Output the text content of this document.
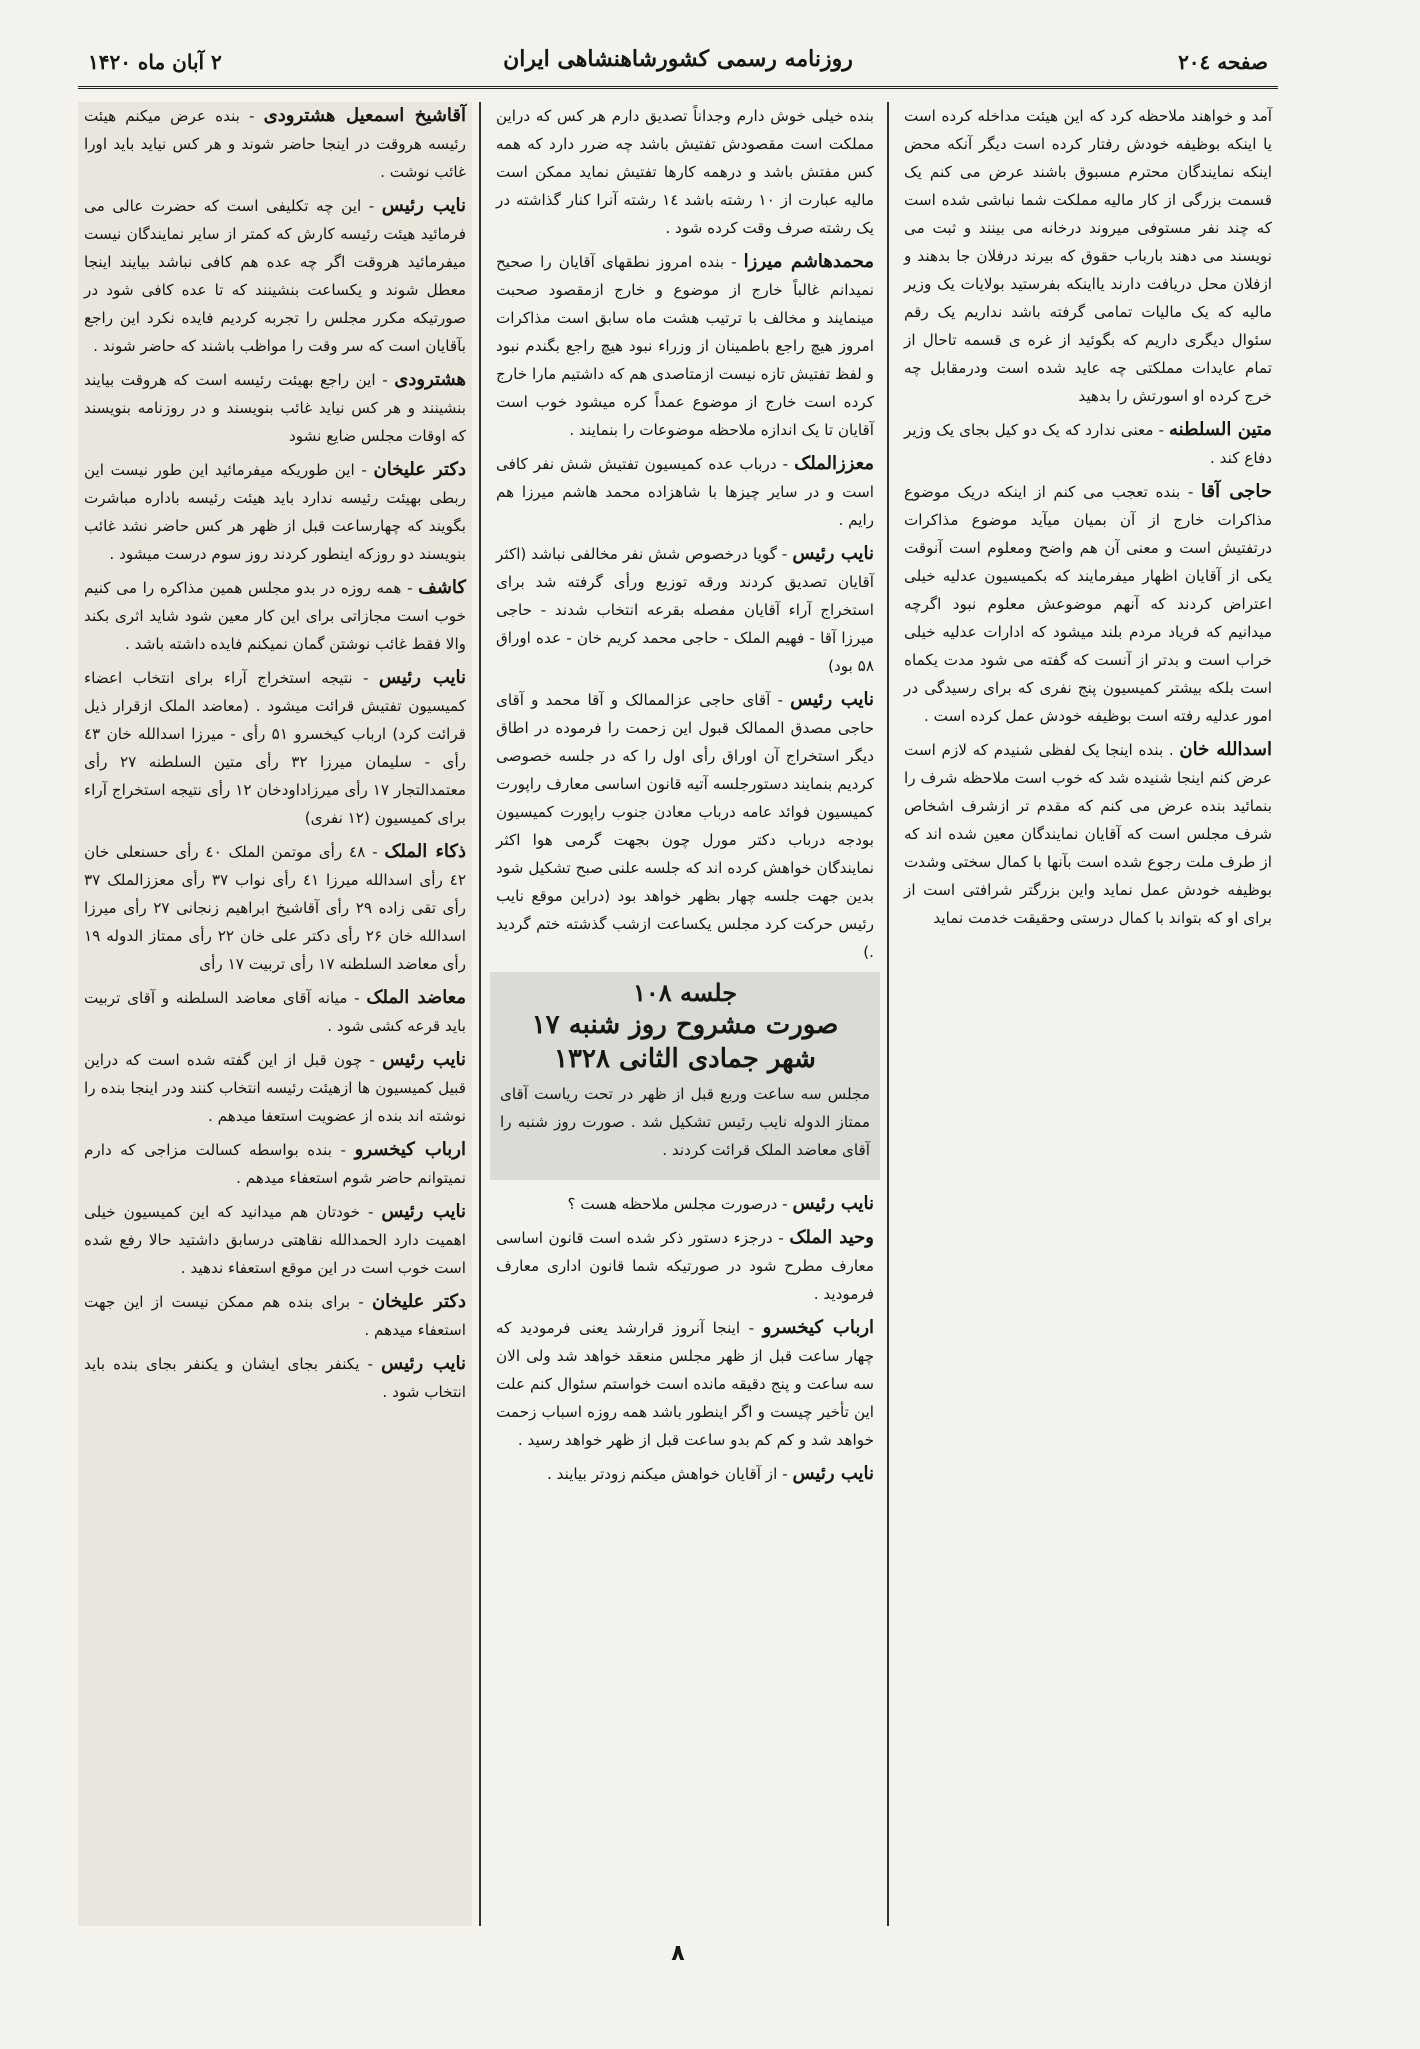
صفحه ۲۰٤
روزنامه رسمی کشورشاهنشاهی ایران
۲ آبان ماه ۱۴۲۰

آمد و خواهند ملاحظه کرد که این هیئت مداخله کرده است یا اینکه بوظیفه خودش رفتار کرده است دیگر آنکه محض اینکه نمایندگان محترم مسبوق باشند عرض می کنم یک قسمت بزرگی از کار مالیه مملکت شما نباشی شده است که چند نفر مستوفی میروند درخانه می بینند و ثبت می نویسند می دهند بارباب حقوق که بیرند درفلان جا بدهند و ازفلان محل دریافت دارند یااینکه بفرستید بولایات یک وزیر مالیه که یک مالیات تمامی گرفته باشد نداریم یک رقم سئوال دیگری داریم که بگوئید از غره ی قسمه تاحال از تمام عایدات مملکتی چه عاید شده است ودرمقابل چه خرج کرده او اسورتش را بدهید

متین السلطنه - معنی ندارد که یک دو کیل بجای یک وزیر دفاع کند .

حاجی آقا - بنده تعجب می کنم از اینکه دریک موضوع مذاکرات خارج از آن بمیان میآید موضوع مذاکرات درتفتیش است و معنی آن هم واضح ومعلوم است آنوقت یکی از آقایان اظهار میفرمایند که بکمیسیون عدلیه خیلی اعتراض کردند که آنهم موضوعش معلوم نبود اگرچه میدانیم که فریاد مردم بلند میشود که ادارات عدلیه خیلی خراب است و بدتر از آنست که گفته می شود مدت یکماه است بلکه بیشتر کمیسیون پنج نفری که برای رسیدگی در امور عدلیه رفته است بوظیفه خودش عمل کرده است .

اسدالله خان . بنده اینجا یک لفظی شنیدم که لازم است عرض کنم اینجا شنیده شد که خوب است ملاحظه شرف را بنمائید بنده عرض می کنم که مقدم تر ازشرف اشخاص شرف مجلس است که آقایان نمایندگان معین شده اند که از طرف ملت رجوع شده است بآنها با کمال سختی وشدت بوظیفه خودش عمل نماید واین بزرگتر شرافتی است از برای او که بتواند با کمال درستی وحقیقت خدمت نماید

بنده خیلی خوش دارم وجداناً تصدیق دارم هر کس که دراین مملکت است مقصودش تفتیش باشد چه ضرر دارد که همه کس مفتش باشد و درهمه کارها تفتیش نماید ممکن است مالیه عبارت از ۱۰ رشته باشد ۱٤ رشته آنرا کنار گذاشته در یک رشته صرف وقت کرده شود .

محمدهاشم میرزا - بنده امروز نطقهای آقایان را صحیح نمیدانم غالباً خارج از موضوع و خارج ازمقصود صحبت مینمایند و مخالف با ترتیب هشت ماه سابق است مذاکرات امروز هیچ راجع باطمینان از وزراء نبود هیچ راجع بگندم نبود و لفظ تفتیش تازه نیست ازمتاصدی هم که داشتیم مارا خارج کرده است خارج از موضوع عمداً کره میشود خوب است آقایان تا یک اندازه ملاحظه موضوعات را بنمایند .

معززالملک - درباب عده کمیسیون تفتیش شش نفر کافی است و در سایر چیزها با شاهزاده محمد هاشم میرزا هم رایم .

نایب رئیس - گویا درخصوص شش نفر مخالفی نباشد (اکثر آقایان تصدیق کردند ورقه توزیع ورأی گرفته شد برای استخراج آراء آقایان مفصله بقرعه انتخاب شدند - حاجی میرزا آقا - فهیم الملک - حاجی محمد کریم خان - عده اوراق ۵۸ بود)

نایب رئیس - آقای حاجی عزالممالک و آقا محمد و آقای حاجی مصدق الممالک قبول این زحمت را فرموده در اطاق دیگر استخراج آن اوراق رأی اول را که در جلسه خصوصی کردیم بنمایند دستورجلسه آتیه قانون اساسی معارف راپورت کمیسیون فوائد عامه درباب معادن جنوب راپورت کمیسیون بودجه درباب دکتر مورل چون بجهت گرمی هوا اکثر نمایندگان خواهش کرده اند که جلسه علنی صبح تشکیل شود بدین جهت جلسه چهار بظهر خواهد بود (دراین موقع نایب رئیس حرکت کرد مجلس یکساعت ازشب گذشته ختم گردید .)

جلسه ۱۰۸
صورت مشروح روز شنبه ۱۷
شهر جمادی الثانی ۱۳۲۸

مجلس سه ساعت وربع قبل از ظهر در تحت ریاست آقای ممتاز الدوله نایب رئیس تشکیل شد . صورت روز شنبه را آقای معاضد الملک قرائت کردند .

نایب رئیس - درصورت مجلس ملاحظه هست ؟

وحید الملک - درجزء دستور ذکر شده است قانون اساسی معارف مطرح شود در صورتیکه شما قانون اداری معارف فرمودید .

ارباب کیخسرو - اینجا آنروز قرارشد یعنی فرمودید که چهار ساعت قبل از ظهر مجلس منعقد خواهد شد ولی الان سه ساعت و پنج دقیقه مانده است خواستم سئوال کنم علت این تأخیر چیست و اگر اینطور باشد همه روزه اسباب زحمت خواهد شد و کم کم بدو ساعت قبل از ظهر خواهد رسید .

نایب رئیس - از آقایان خواهش میکنم زودتر بیایند .

آقاشیخ اسمعیل هشترودی - بنده عرض میکنم هیئت رئیسه هروقت در اینجا حاضر شوند و هر کس نیاید باید اورا غائب نوشت .

نایب رئیس - این چه تکلیفی است که حضرت عالی می فرمائید هیئت رئیسه کارش که کمتر از سایر نمایندگان نیست میفرمائید هروقت اگر چه عده هم کافی نباشد بیایند اینجا معطل شوند و یکساعت بنشینند که تا عده کافی شود در صورتیکه مکرر مجلس را تجربه کردیم فایده نکرد این راجع بآقایان است که سر وقت را مواظب باشند که حاضر شوند .

هشترودی - این راجع بهیئت رئیسه است که هروقت بیایند بنشینند و هر کس نیاید غائب بنویسند و در روزنامه بنویسند که اوقات مجلس ضایع نشود

دکتر علیخان - این طوریکه میفرمائید این طور نیست این ربطی بهیئت رئیسه ندارد باید هیئت رئیسه باداره مباشرت بگویند که چهارساعت قبل از ظهر هر کس حاضر نشد غائب بنویسند دو روزکه اینطور کردند روز سوم درست میشود .

کاشف - همه روزه در بدو مجلس همین مذاکره را می کنیم خوب است مجازاتی برای این کار معین شود شاید اثری بکند والا فقط غائب نوشتن گمان نمیکنم فایده داشته باشد .

نایب رئیس - نتیجه استخراج آراء برای انتخاب اعضاء کمیسیون تفتیش قرائت میشود . (معاضد الملک ازقرار ذیل قرائت کرد) ارباب کیخسرو ۵۱ رأی - میرزا اسدالله خان ٤۳ رأی - سلیمان میرزا ۳۲ رأی متین السلطنه ۲۷ رأی معتمدالتجار ۱۷ رأی میرزاداودخان ۱۲ رأی نتیجه استخراج آراء برای کمیسیون (۱۲ نفری)

ذکاء الملک - ٤۸ رأی موتمن الملک ٤۰ رأی حسنعلی خان ٤۲ رأی اسدالله میرزا ٤۱ رأی نواب ۳۷ رأی معززالملک ۳۷ رأی تقی زاده ۲۹ رأی آقاشیخ ابراهیم زنجانی ۲۷ رأی میرزا اسدالله خان ۲۶ رأی دکتر علی خان ۲۲ رأی ممتاز الدوله ۱۹ رأی معاضد السلطنه ۱۷ رأی تربیت ۱۷ رأی

معاضد الملک - میانه آقای معاضد السلطنه و آقای تربیت باید قرعه کشی شود .

نایب رئیس - چون قبل از این گفته شده است که دراین قبیل کمیسیون ها ازهیئت رئیسه انتخاب کنند ودر اینجا بنده را نوشته اند بنده از عضویت استعفا میدهم .

ارباب کیخسرو - بنده بواسطه کسالت مزاجی که دارم نمیتوانم حاضر شوم استعفاء میدهم .

نایب رئیس - خودتان هم میدانید که این کمیسیون خیلی اهمیت دارد الحمدالله نقاهتی درسابق داشتید حالا رفع شده است خوب است در این موقع استعفاء ندهید .

دکتر علیخان - برای بنده هم ممکن نیست از این جهت استعفاء میدهم .

نایب رئیس - یکنفر بجای ایشان و یکنفر بجای بنده باید انتخاب شود .

۸
